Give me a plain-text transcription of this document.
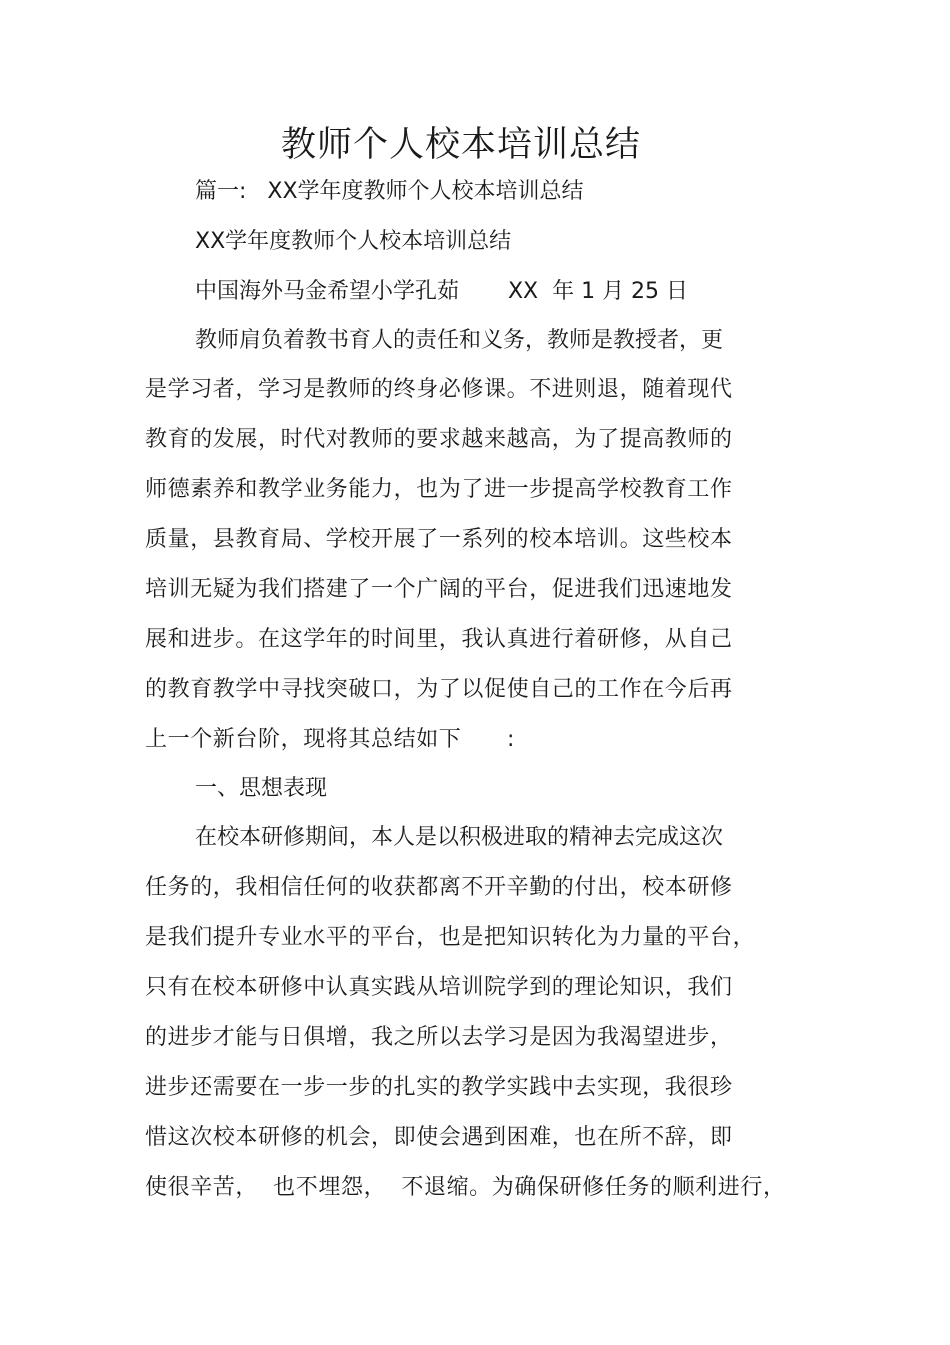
教师个人校本培训总结
篇一:   XX学年度教师个人校本培训总结
XX学年度教师个人校本培训总结
中国海外马金希望小学孔茹       XX  年 1 月 25 日
教师肩负着教书育人的责任和义务，教师是教授者，更
是学习者，学习是教师的终身必修课。不进则退，随着现代
教育的发展，时代对教师的要求越来越高，为了提高教师的
师德素养和教学业务能力，也为了进一步提高学校教育工作
质量，县教育局、学校开展了一系列的校本培训。这些校本
培训无疑为我们搭建了一个广阔的平台，促进我们迅速地发
展和进步。在这学年的时间里，我认真进行着研修，从自己
的教育教学中寻找突破口，为了以促使自己的工作在今后再
上一个新台阶，现将其总结如下      :
一、思想表现
在校本研修期间，本人是以积极进取的精神去完成这次
任务的，我相信任何的收获都离不开辛勤的付出，校本研修
是我们提升专业水平的平台，也是把知识转化为力量的平台，
只有在校本研修中认真实践从培训院学到的理论知识，我们
的进步才能与日俱增，我之所以去学习是因为我渴望进步，
进步还需要在一步一步的扎实的教学实践中去实现，我很珍
惜这次校本研修的机会，即使会遇到困难，也在所不辞，即
使很辛苦，  也不埋怨，  不退缩。为确保研修任务的顺利进行，
